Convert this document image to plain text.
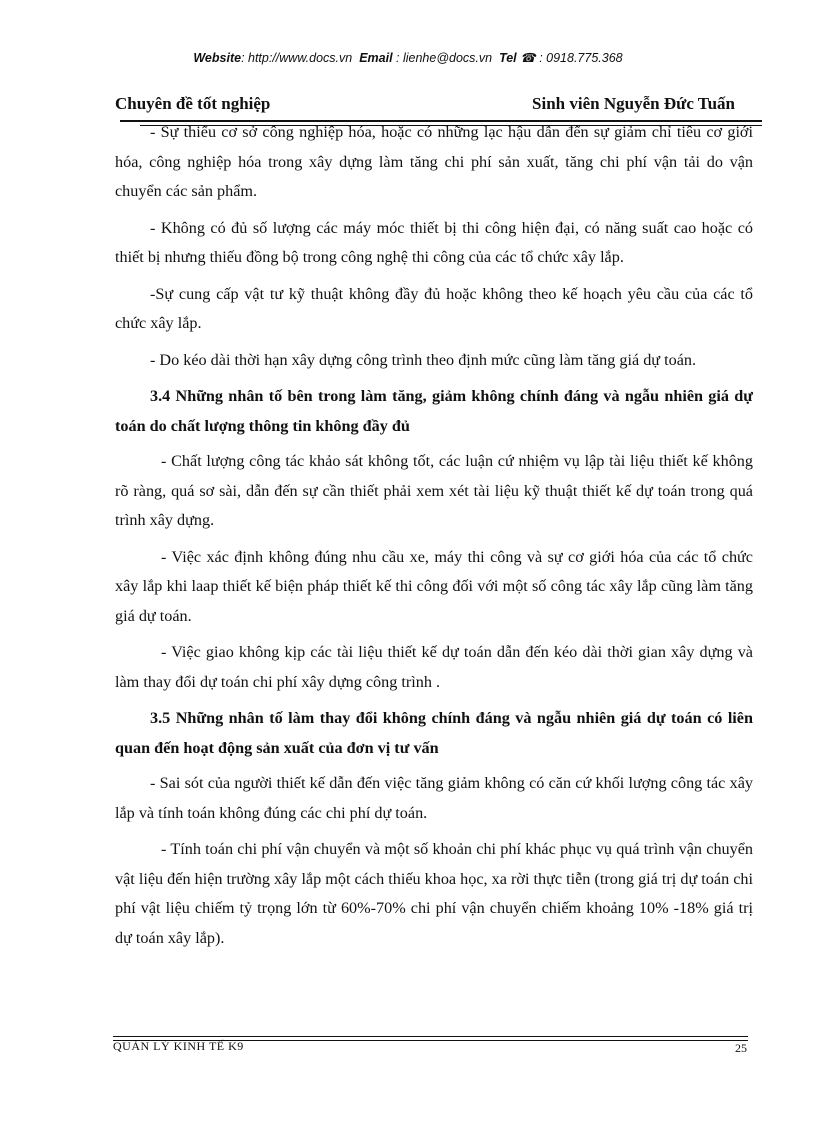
Website: http://www.docs.vn Email : lienhe@docs.vn Tel ☎ : 0918.775.368
Chuyên đề tốt nghiệp	Sinh viên Nguyễn Đức Tuấn

- Sự thiếu cơ sở công nghiệp hóa, hoặc có những lạc hậu dẫn đến sự giảm chỉ tiêu cơ giới hóa, công nghiệp hóa trong xây dựng làm tăng chi phí sản xuất, tăng chi phí vận tải do vận chuyển các sản phẩm.

- Không có đủ số lượng các máy móc thiết bị thi công hiện đại, có năng suất cao hoặc có thiết bị nhưng thiếu đồng bộ trong công nghệ thi công của các tổ chức xây lắp.

-Sự cung cấp vật tư kỹ thuật không đầy đủ hoặc không theo kế hoạch yêu cầu của các tổ chức xây lắp.

- Do kéo dài thời hạn xây dựng công trình theo định mức cũng làm tăng giá dự toán.

3.4 Những nhân tố bên trong làm tăng, giảm không chính đáng và ngẫu nhiên giá dự toán do chất lượng thông tin không đầy đủ

- Chất lượng công tác khảo sát không tốt, các luận cứ nhiệm vụ lập tài liệu thiết kế không rõ ràng, quá sơ sài, dẫn đến sự cần thiết phải xem xét tài liệu kỹ thuật thiết kế dự toán trong quá trình xây dựng.

- Việc xác định không đúng nhu cầu xe, máy thi công và sự cơ giới hóa của các tổ chức xây lắp khi laap thiết kế biện pháp thiết kế thi công đối với một số công tác xây lắp cũng làm tăng giá dự toán.

- Việc giao không kịp các tài liệu thiết kế dự toán dẫn đến kéo dài thời gian xây dựng và làm thay đổi dự toán chi phí xây dựng công trình .

3.5 Những nhân tố làm thay đổi không chính đáng và ngẫu nhiên giá dự toán có liên quan đến hoạt động sản xuất của đơn vị tư vấn

- Sai sót của người thiết kế dẫn đến việc tăng giảm không có căn cứ khối lượng công tác xây lắp và tính toán không đúng các chi phí dự toán.

- Tính toán chi phí vận chuyển và một số khoản chi phí khác phục vụ quá trình vận chuyển vật liệu đến hiện trường xây lắp một cách thiếu khoa học, xa rời thực tiễn (trong giá trị dự toán chi phí vật liệu chiếm tỷ trọng lớn từ 60%-70% chi phí vận chuyển chiếm khoảng 10% -18% giá trị dự toán xây lắp).

QUẢN LÝ KINH TẾ K9	25
